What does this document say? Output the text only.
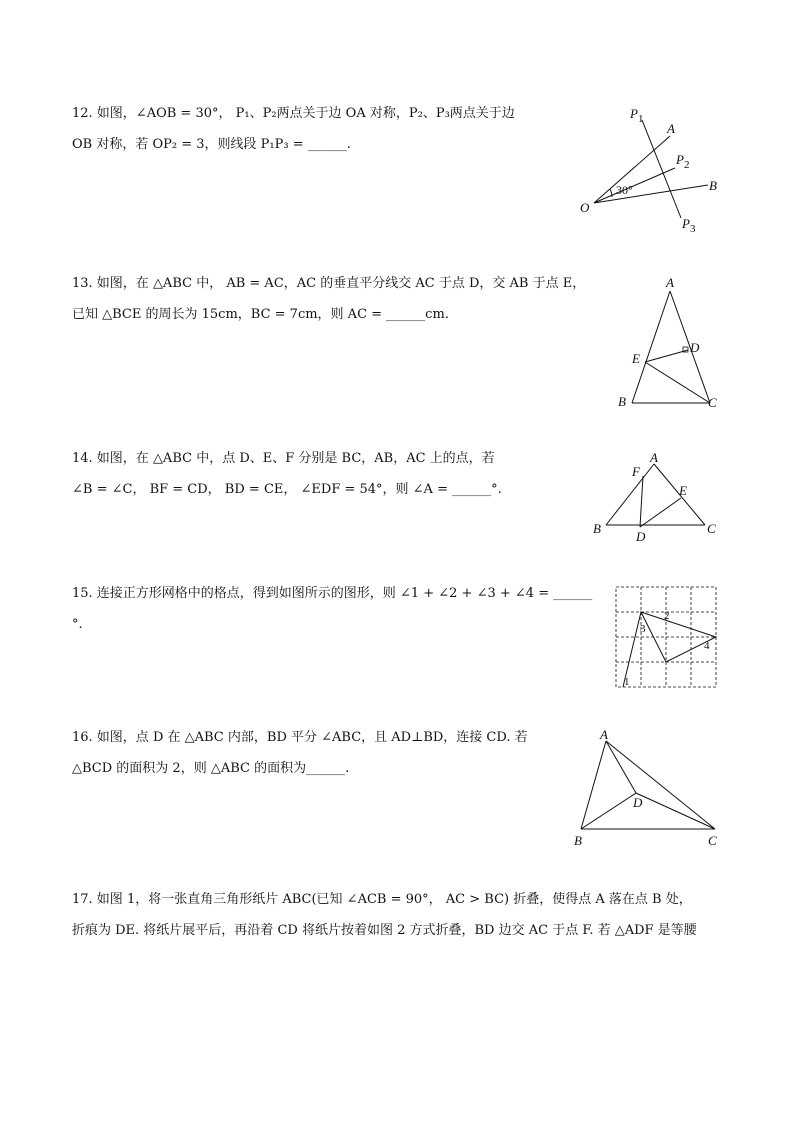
12. 如图，∠AOB = 30°， P₁、P₂两点关于边 OA 对称，P₂、P₃两点关于边
OB 对称，若 OP₂ = 3，则线段 P₁P₃ = ______.
$P_1$
A
$P_2$
30°	B
O
$P_3$
13. 如图，在 △ABC 中， AB = AC，AC 的垂直平分线交 AC 于点 D，交 AB 于点 E，
已知 △BCE 的周长为 15cm，BC = 7cm，则 AC = ______cm.
A
D
E
B	C
14. 如图，在 △ABC 中，点 D、E、F 分别是 BC，AB，AC 上的点，若
∠B = ∠C， BF = CD， BD = CE， ∠EDF = 54°，则 ∠A = ______°.
F
A
E
B
D
C
15. 连接正方形网格中的格点，得到如图所示的图形，则 ∠1 + ∠2 + ∠3 + ∠4 = ______
°.
1
2
3
4
16. 如图，点 D 在 △ABC 内部，BD 平分 ∠ABC，且 AD⊥BD，连接 CD. 若
△BCD 的面积为 2，则 △ABC 的面积为______.
A
D
B	C
17. 如图 1，将一张直角三角形纸片 ABC(已知 ∠ACB = 90°， AC > BC) 折叠，使得点 A 落在点 B 处，
折痕为 DE. 将纸片展平后，再沿着 CD 将纸片按着如图 2 方式折叠，BD 边交 AC 于点 F. 若 △ADF 是等腰
